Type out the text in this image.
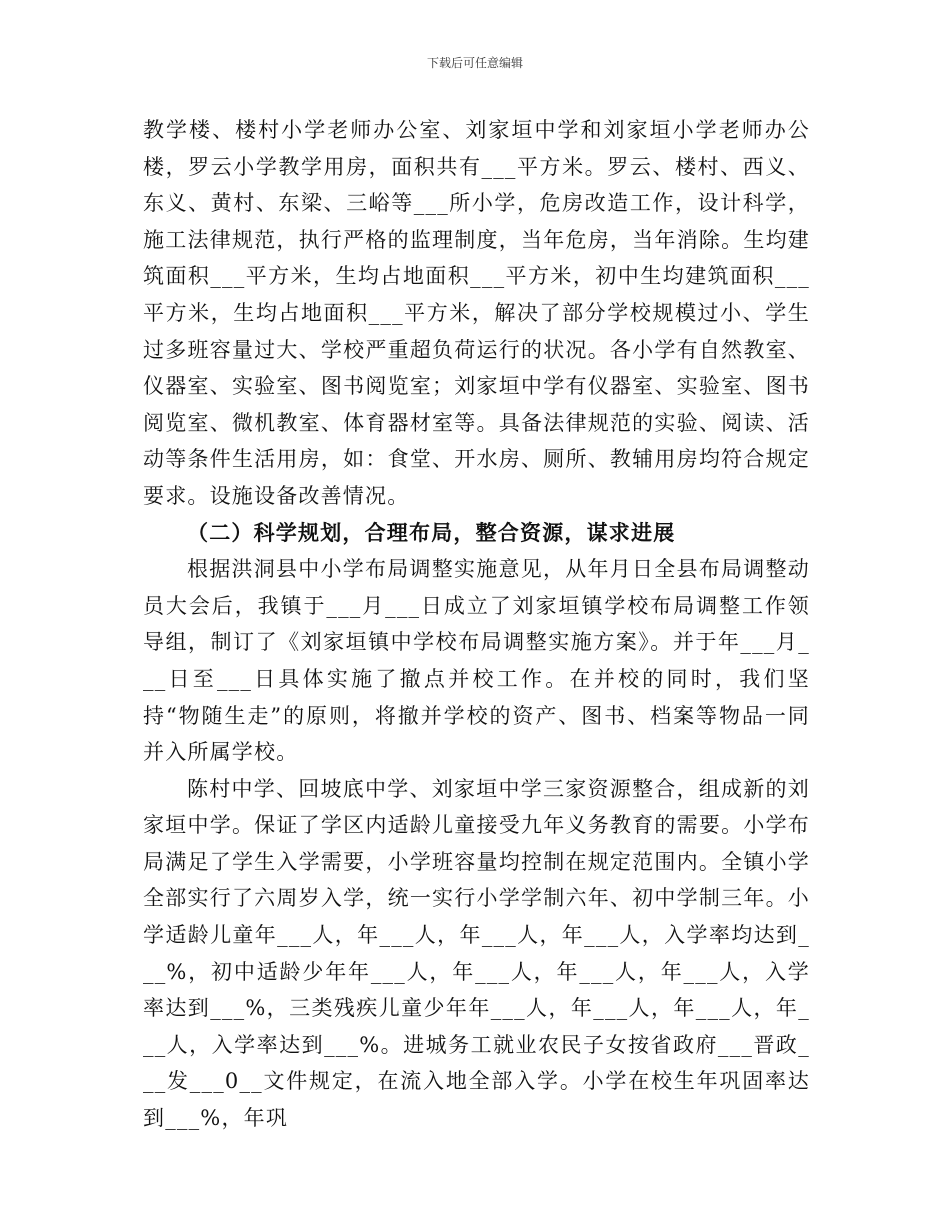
下载后可任意编辑

教学楼、楼村小学老师办公室、刘家垣中学和刘家垣小学老师办公楼，罗云小学教学用房，面积共有___平方米。罗云、楼村、西义、东义、黄村、东梁、三峪等___所小学，危房改造工作，设计科学，施工法律规范，执行严格的监理制度，当年危房，当年消除。生均建筑面积___平方米，生均占地面积___平方米，初中生均建筑面积___平方米，生均占地面积___平方米，解决了部分学校规模过小、学生过多班容量过大、学校严重超负荷运行的状况。各小学有自然教室、仪器室、实验室、图书阅览室；刘家垣中学有仪器室、实验室、图书阅览室、微机教室、体育器材室等。具备法律规范的实验、阅读、活动等条件生活用房，如：食堂、开水房、厕所、教辅用房均符合规定要求。设施设备改善情况。

（二）科学规划，合理布局，整合资源，谋求进展

根据洪洞县中小学布局调整实施意见，从年月日全县布局调整动员大会后，我镇于___月___日成立了刘家垣镇学校布局调整工作领导组，制订了《刘家垣镇中学校布局调整实施方案》。并于年___月___日至___日具体实施了撤点并校工作。在并校的同时，我们坚持“物随生走”的原则，将撤并学校的资产、图书、档案等物品一同并入所属学校。

陈村中学、回坡底中学、刘家垣中学三家资源整合，组成新的刘家垣中学。保证了学区内适龄儿童接受九年义务教育的需要。小学布局满足了学生入学需要，小学班容量均控制在规定范围内。全镇小学全部实行了六周岁入学，统一实行小学学制六年、初中学制三年。小学适龄儿童年___人，年___人，年___人，年___人，入学率均达到___%，初中适龄少年年___人，年___人，年___人，年___人，入学率达到___%，三类残疾儿童少年年___人，年___人，年___人，年___人，入学率达到___%。进城务工就业农民子女按省政府___晋政___发___0__文件规定，在流入地全部入学。小学在校生年巩固率达到___%，年巩
